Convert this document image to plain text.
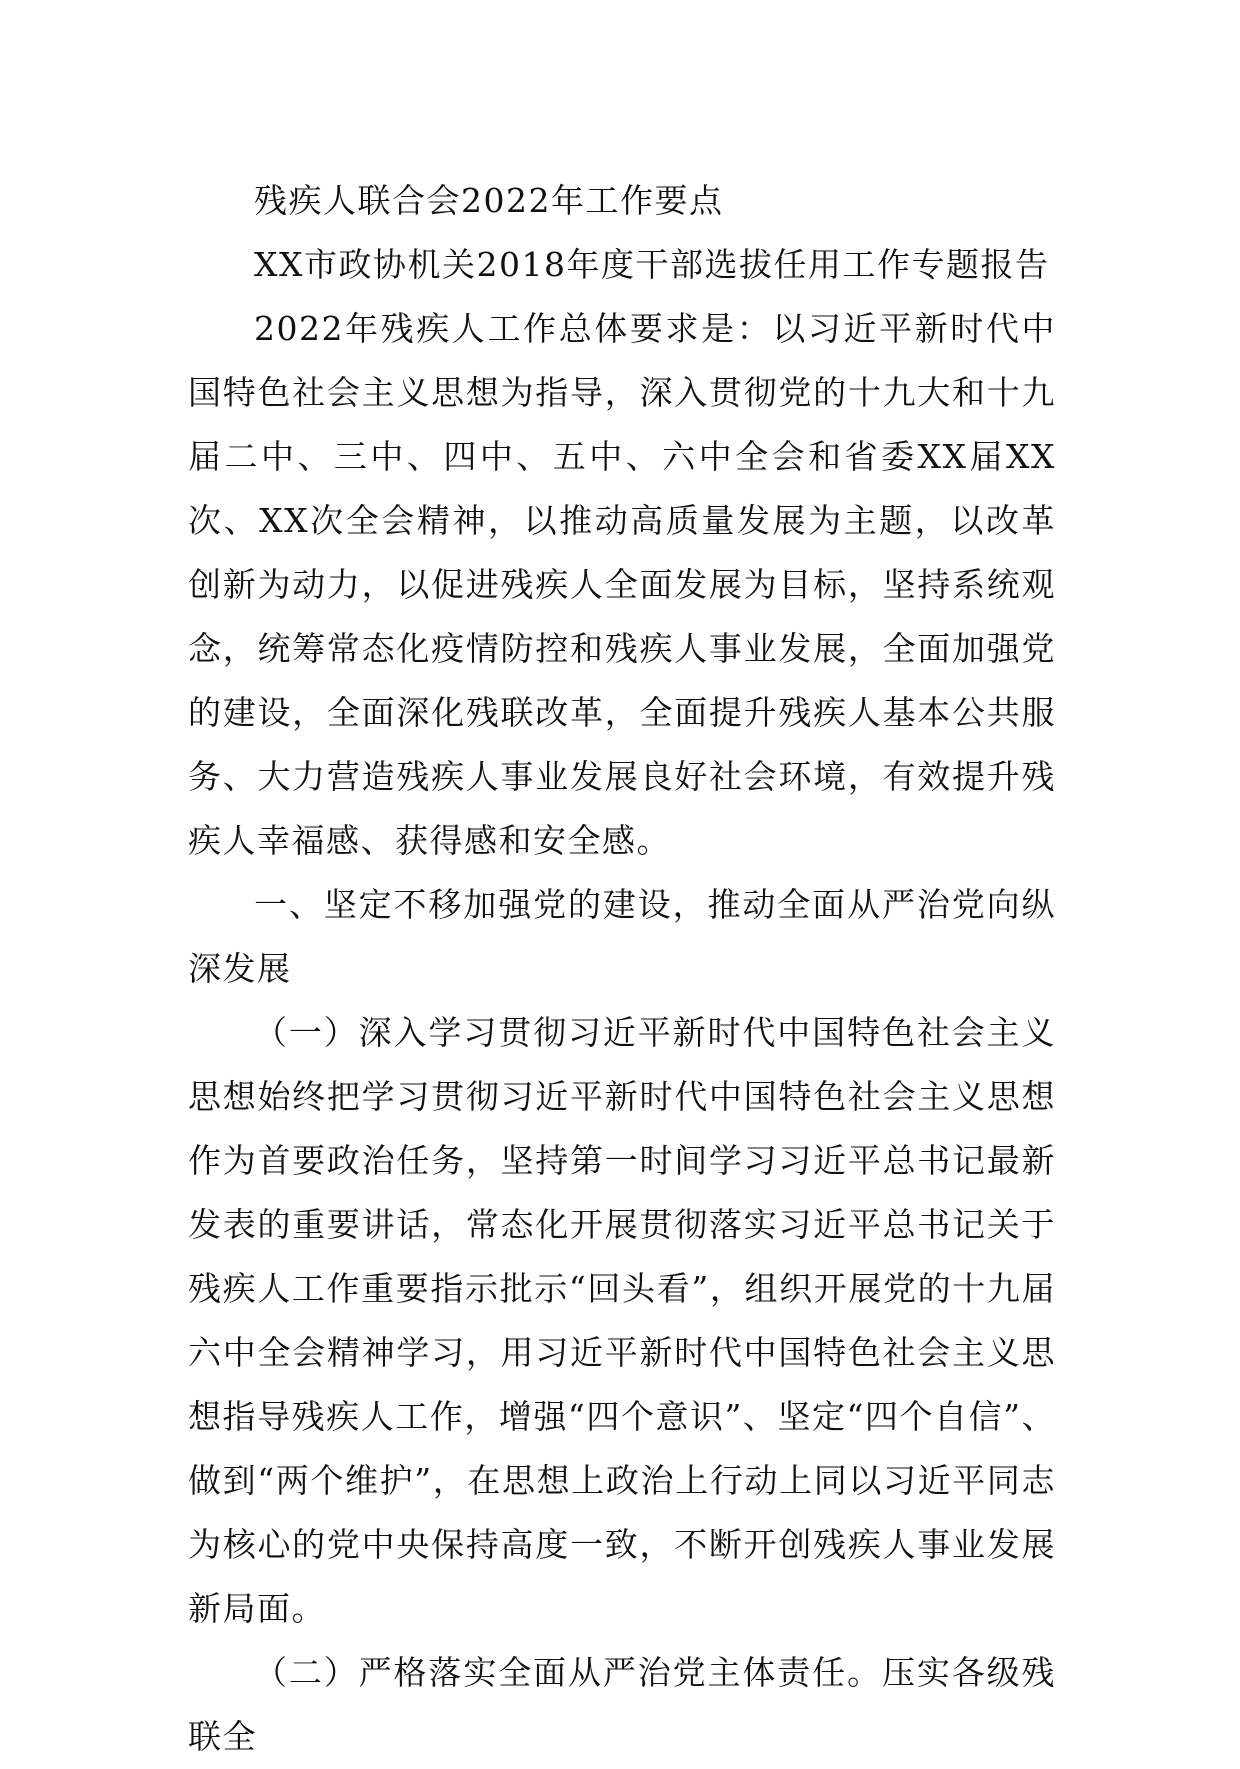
残疾人联合会2022年工作要点

XX市政协机关2018年度干部选拔任用工作专题报告

2022年残疾人工作总体要求是：以习近平新时代中国特色社会主义思想为指导，深入贯彻党的十九大和十九届二中、三中、四中、五中、六中全会和省委XX届XX次、XX次全会精神，以推动高质量发展为主题，以改革创新为动力，以促进残疾人全面发展为目标，坚持系统观念，统筹常态化疫情防控和残疾人事业发展，全面加强党的建设，全面深化残联改革，全面提升残疾人基本公共服务、大力营造残疾人事业发展良好社会环境，有效提升残疾人幸福感、获得感和安全感。

一、坚定不移加强党的建设，推动全面从严治党向纵深发展

（一）深入学习贯彻习近平新时代中国特色社会主义思想始终把学习贯彻习近平新时代中国特色社会主义思想作为首要政治任务，坚持第一时间学习习近平总书记最新发表的重要讲话，常态化开展贯彻落实习近平总书记关于残疾人工作重要指示批示“回头看”，组织开展党的十九届六中全会精神学习，用习近平新时代中国特色社会主义思想指导残疾人工作，增强“四个意识”、坚定“四个自信”、做到“两个维护”，在思想上政治上行动上同以习近平同志为核心的党中央保持高度一致，不断开创残疾人事业发展新局面。

（二）严格落实全面从严治党主体责任。压实各级残联全
